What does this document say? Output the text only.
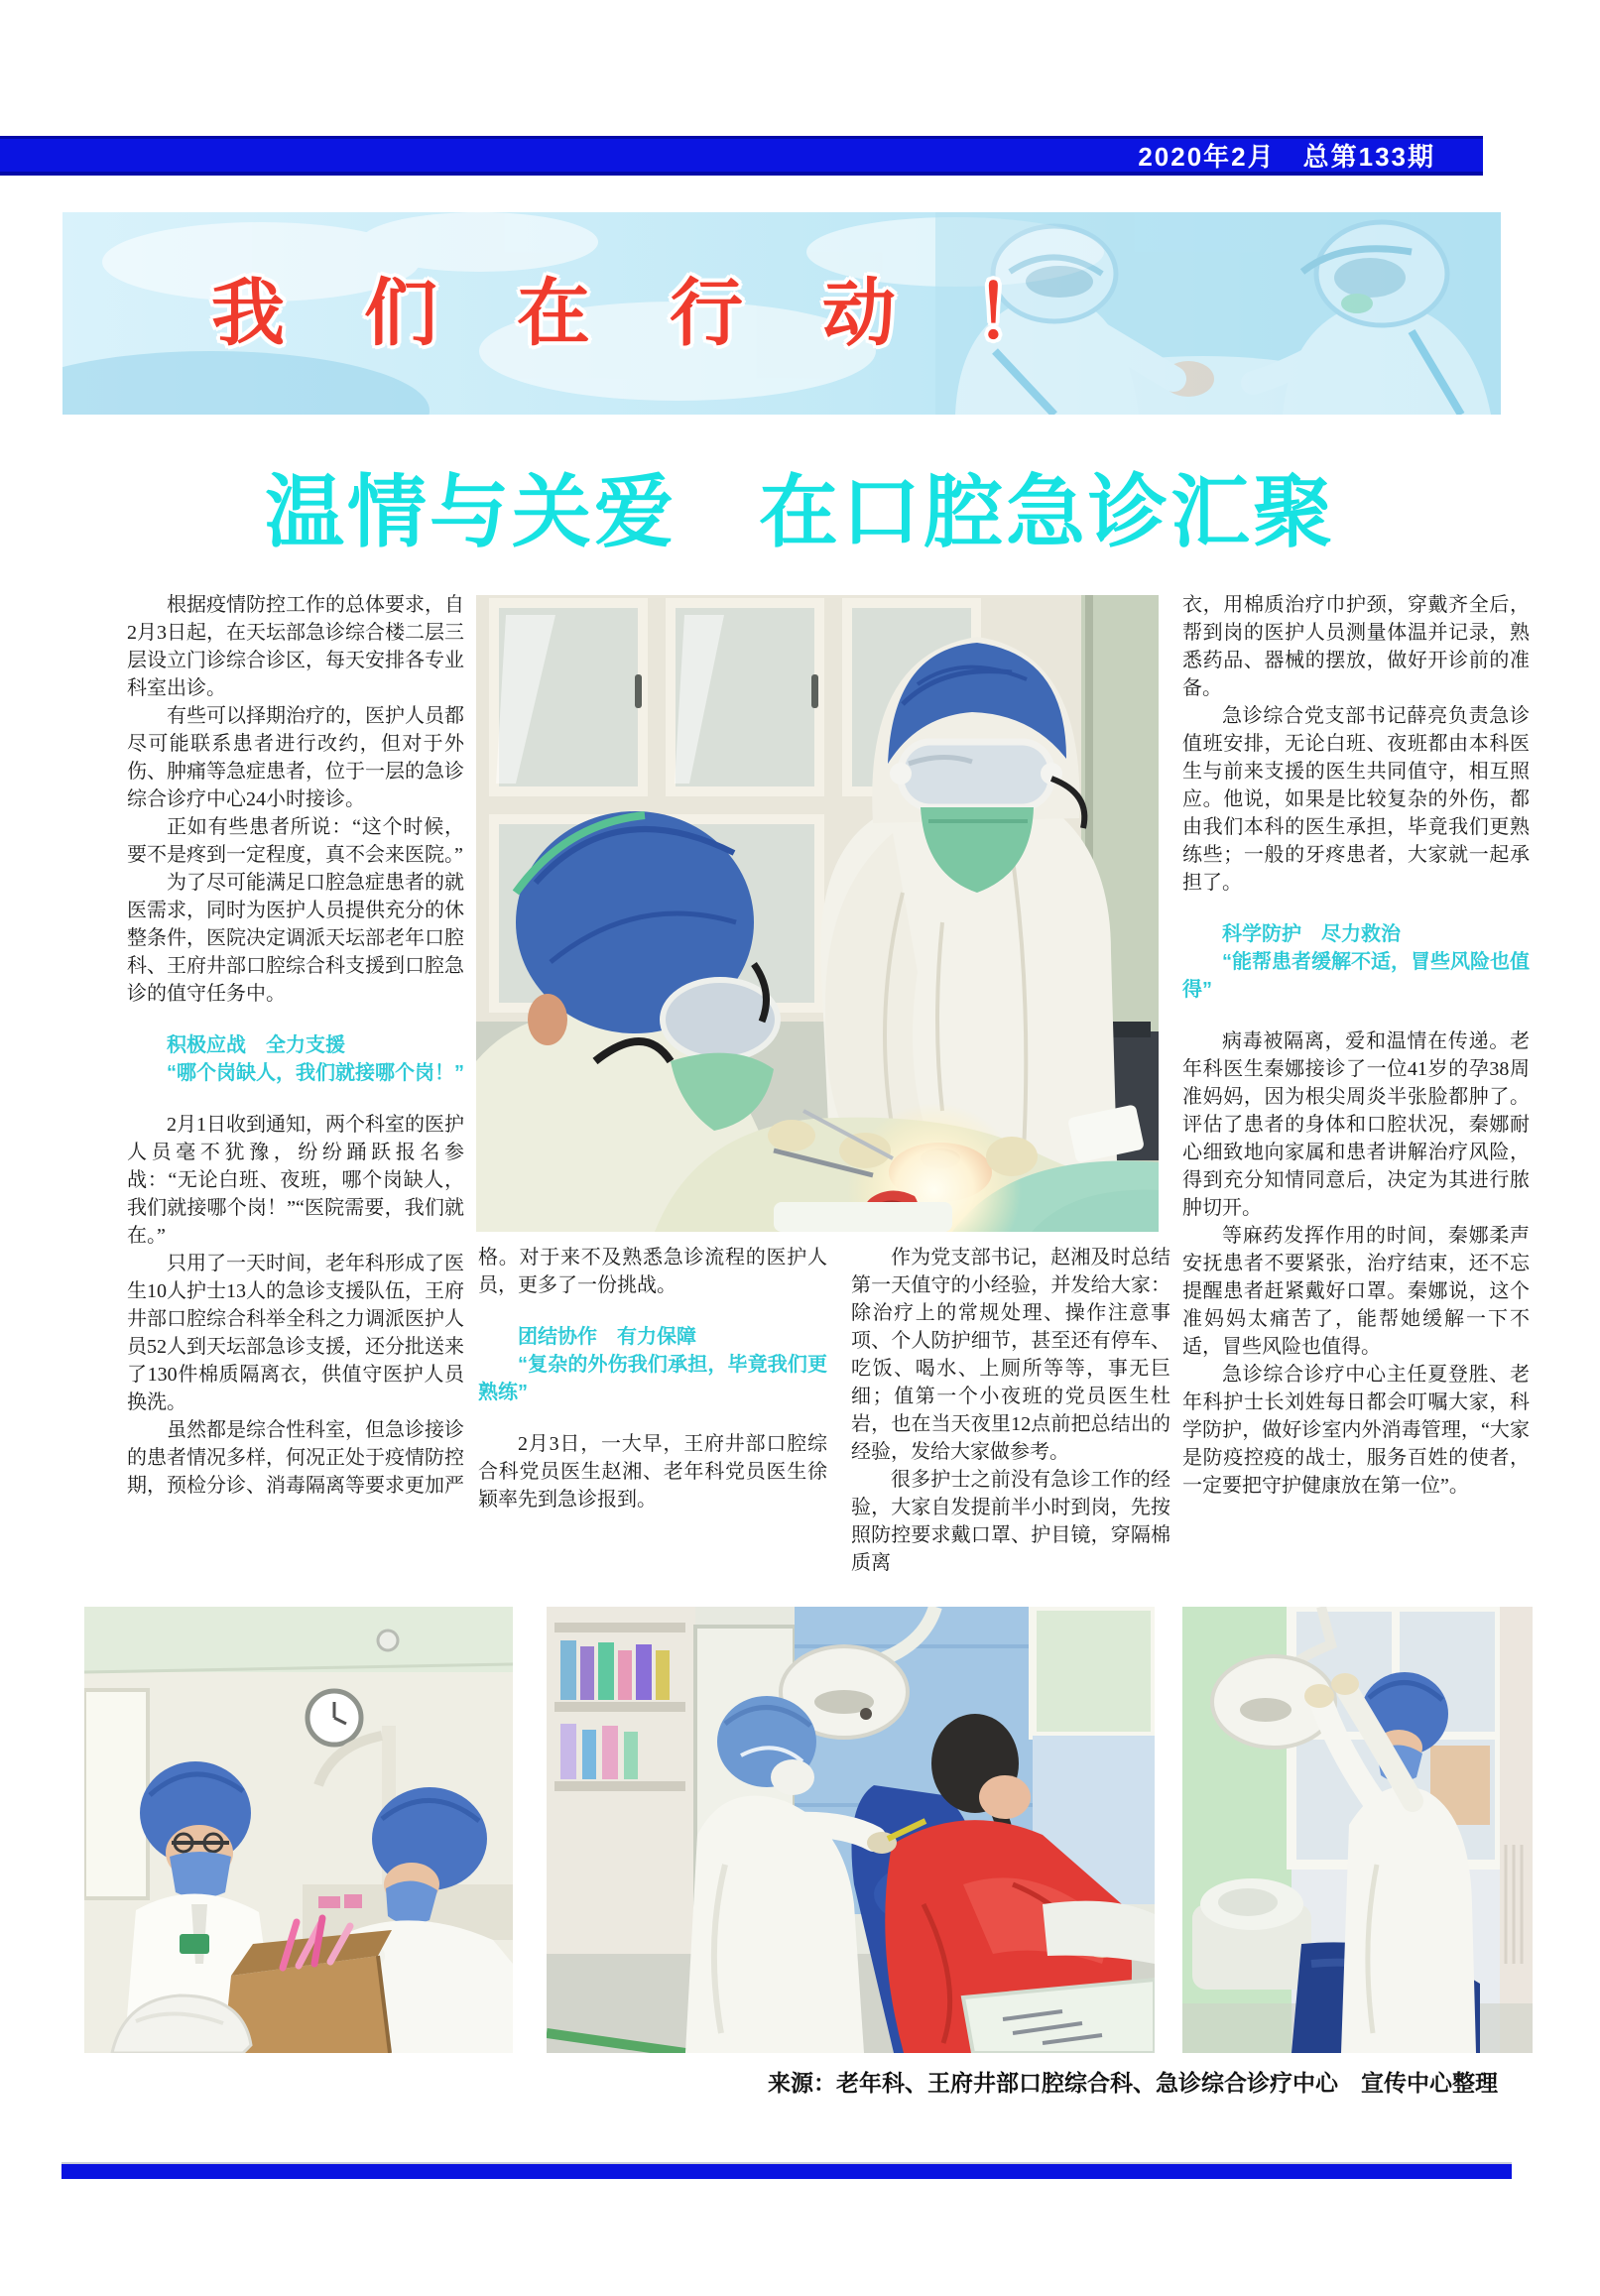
2020年2月　总第133期
我们在行动！
温情与关爱　在口腔急诊汇聚

根据疫情防控工作的总体要求，自2月3日起，在天坛部急诊综合楼二层三层设立门诊综合诊区，每天安排各专业科室出诊。

有些可以择期治疗的，医护人员都尽可能联系患者进行改约，但对于外伤、肿痛等急症患者，位于一层的急诊综合诊疗中心24小时接诊。

正如有些患者所说：“这个时候，要不是疼到一定程度，真不会来医院。”

为了尽可能满足口腔急症患者的就医需求，同时为医护人员提供充分的休整条件，医院决定调派天坛部老年口腔科、王府井部口腔综合科支援到口腔急诊的值守任务中。

积极应战　全力支援

“哪个岗缺人，我们就接哪个岗！”

2月1日收到通知，两个科室的医护人员毫不犹豫，纷纷踊跃报名参战：“无论白班、夜班，哪个岗缺人，我们就接哪个岗！”“医院需要，我们就在。”

只用了一天时间，老年科形成了医生10人护士13人的急诊支援队伍，王府井部口腔综合科举全科之力调派医护人员52人到天坛部急诊支援，还分批送来了130件棉质隔离衣，供值守医护人员换洗。

虽然都是综合性科室，但急诊接诊的患者情况多样，何况正处于疫情防控期，预检分诊、消毒隔离等要求更加严

格。对于来不及熟悉急诊流程的医护人员，更多了一份挑战。

团结协作　有力保障

“复杂的外伤我们承担，毕竟我们更熟练”

2月3日，一大早，王府井部口腔综合科党员医生赵湘、老年科党员医生徐颖率先到急诊报到。

作为党支部书记，赵湘及时总结第一天值守的小经验，并发给大家：除治疗上的常规处理、操作注意事项、个人防护细节，甚至还有停车、吃饭、喝水、上厕所等等，事无巨细；值第一个小夜班的党员医生杜岩，也在当天夜里12点前把总结出的经验，发给大家做参考。

很多护士之前没有急诊工作的经验，大家自发提前半小时到岗，先按照防控要求戴口罩、护目镜，穿隔棉质离

衣，用棉质治疗巾护颈，穿戴齐全后，帮到岗的医护人员测量体温并记录，熟悉药品、器械的摆放，做好开诊前的准备。

急诊综合党支部书记薛亮负责急诊值班安排，无论白班、夜班都由本科医生与前来支援的医生共同值守，相互照应。他说，如果是比较复杂的外伤，都由我们本科的医生承担，毕竟我们更熟练些；一般的牙疼患者，大家就一起承担了。

科学防护　尽力救治

“能帮患者缓解不适，冒些风险也值得”

病毒被隔离，爱和温情在传递。老年科医生秦娜接诊了一位41岁的孕38周准妈妈，因为根尖周炎半张脸都肿了。评估了患者的身体和口腔状况，秦娜耐心细致地向家属和患者讲解治疗风险，得到充分知情同意后，决定为其进行脓肿切开。

等麻药发挥作用的时间，秦娜柔声安抚患者不要紧张，治疗结束，还不忘提醒患者赶紧戴好口罩。秦娜说，这个准妈妈太痛苦了，能帮她缓解一下不适，冒些风险也值得。

急诊综合诊疗中心主任夏登胜、老年科护士长刘姓每日都会叮嘱大家，科学防护，做好诊室内外消毒管理，“大家是防疫控疫的战士，服务百姓的使者，一定要把守护健康放在第一位”。

来源：老年科、王府井部口腔综合科、急诊综合诊疗中心　宣传中心整理
